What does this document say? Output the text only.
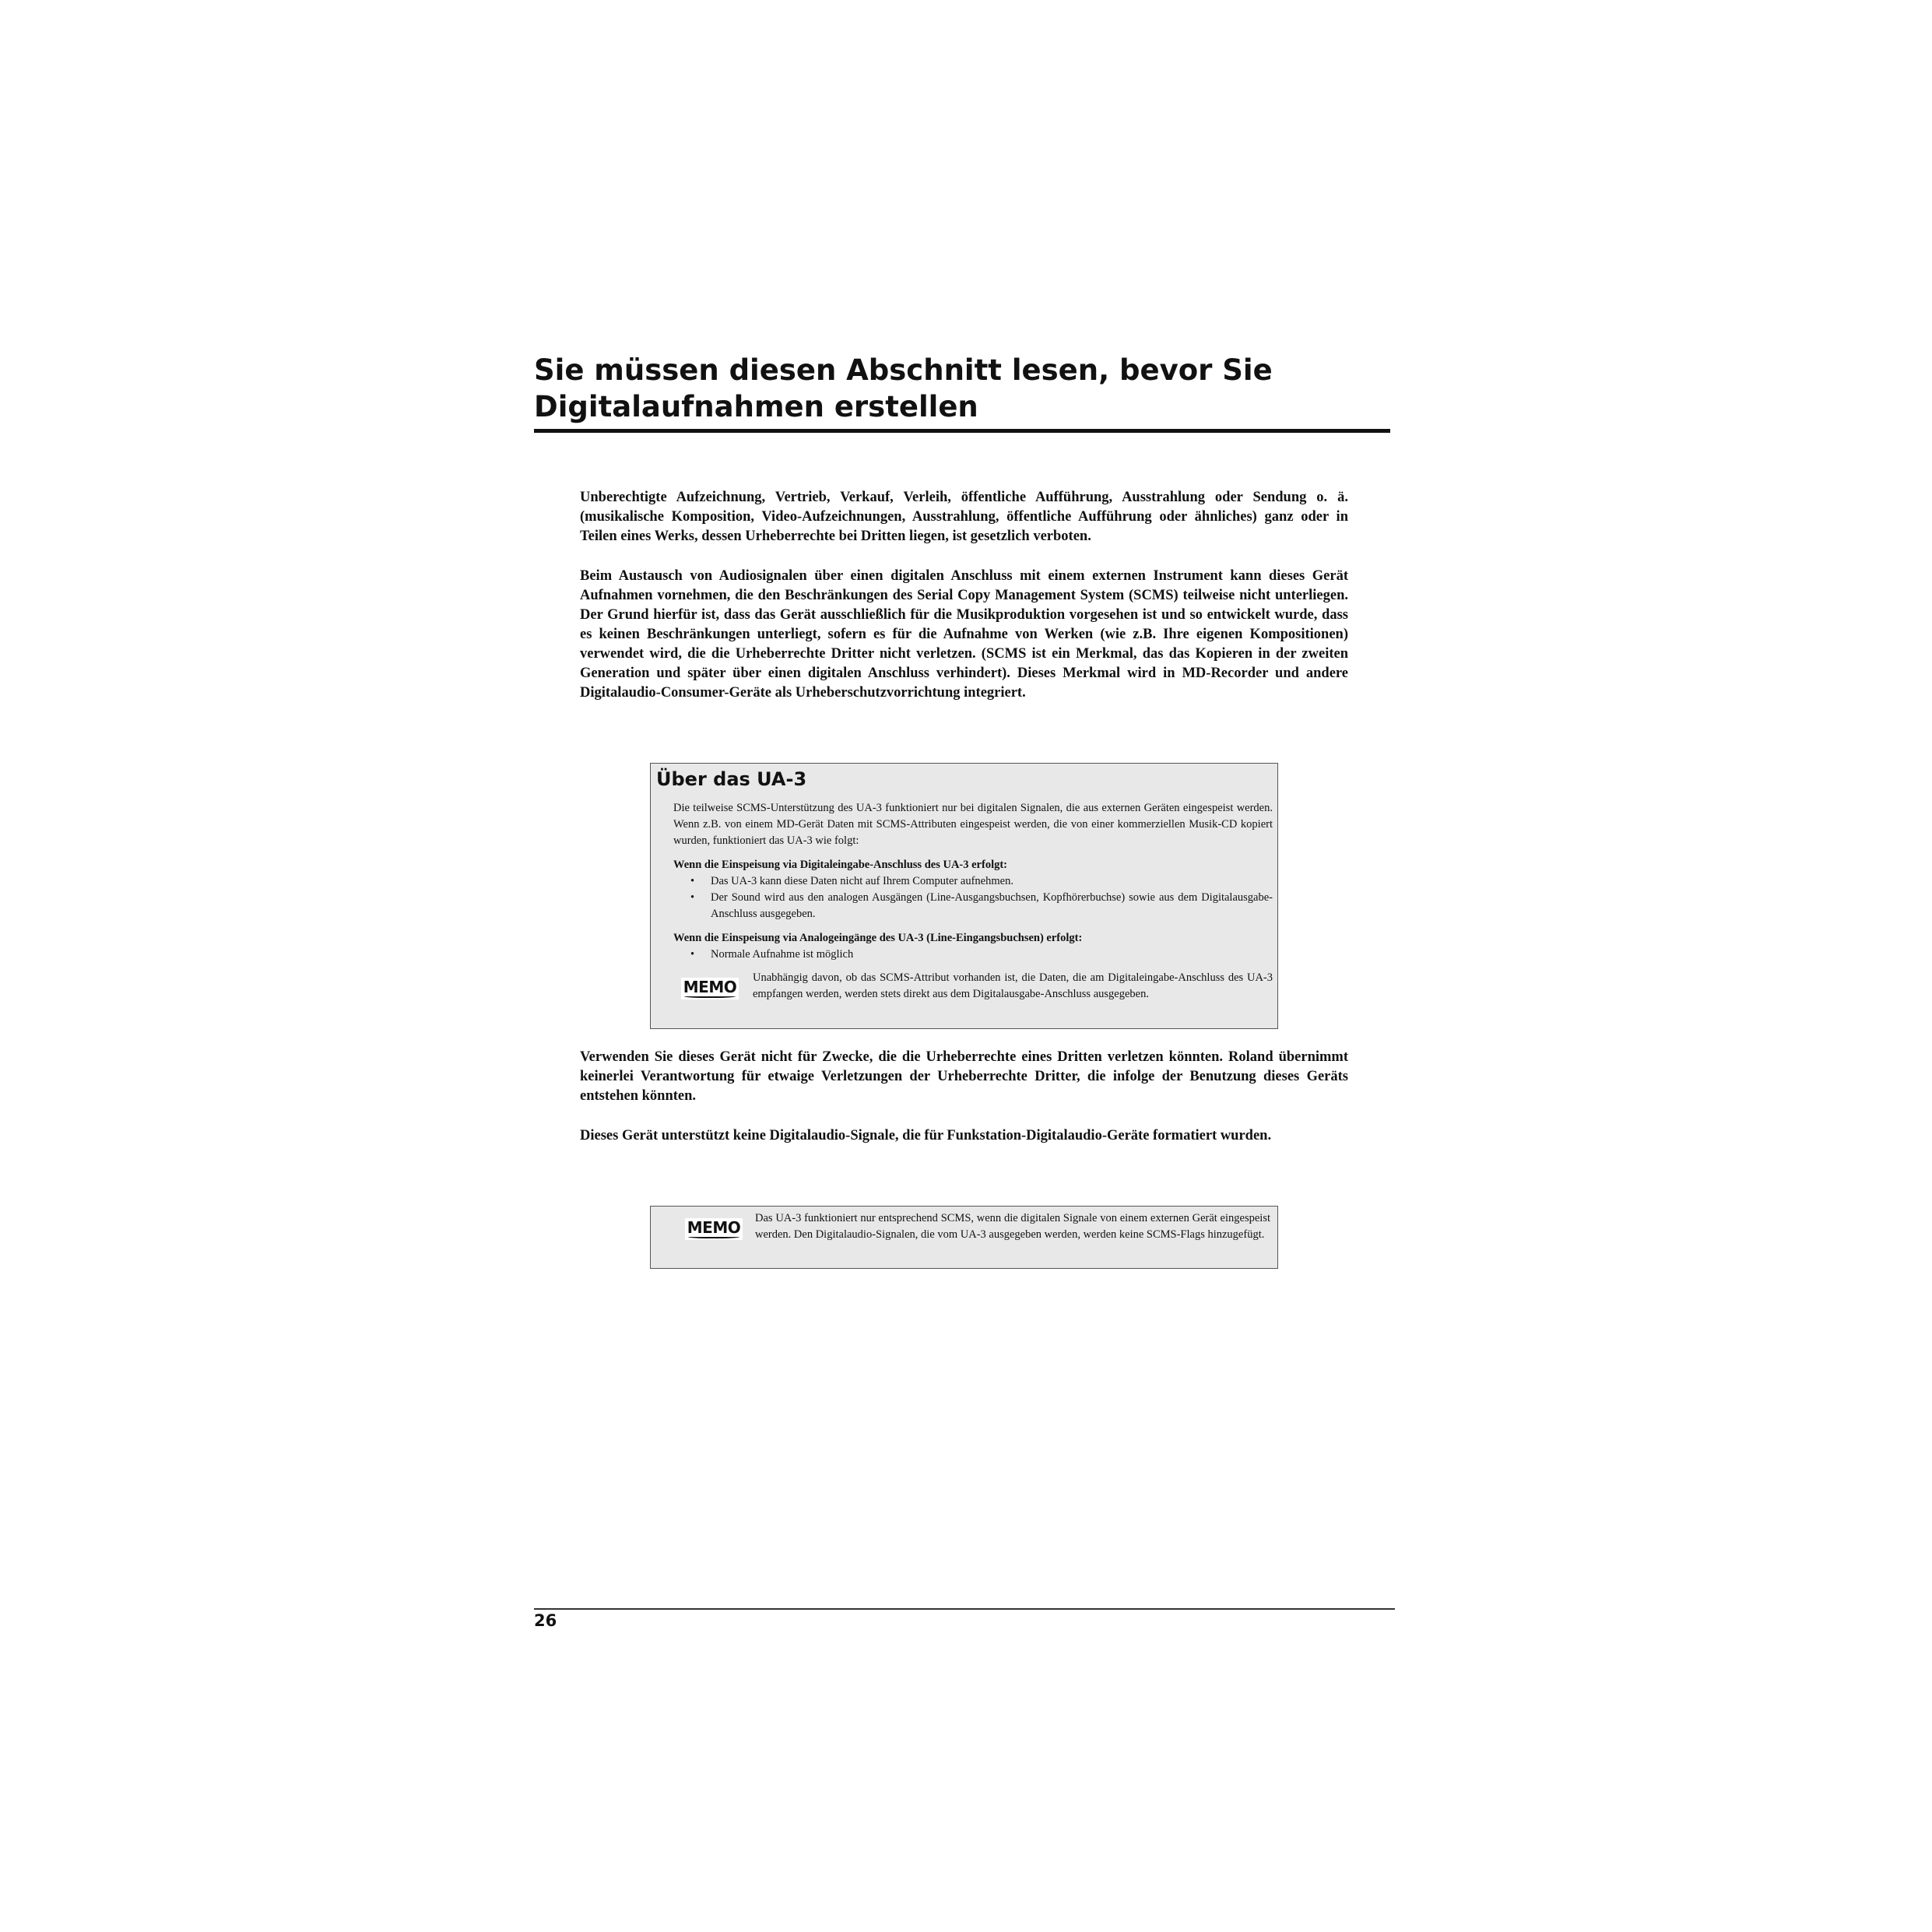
Sie müssen diesen Abschnitt lesen, bevor Sie
Digitalaufnahmen erstellen

Unberechtigte Aufzeichnung, Vertrieb, Verkauf, Verleih, öffentliche Aufführung, Ausstrahlung oder Sendung o. ä. (musikalische Komposition, Video-Aufzeichnungen, Ausstrahlung, öffentliche Aufführung oder ähnliches) ganz oder in Teilen eines Werks, dessen Urheberrechte bei Dritten liegen, ist gesetzlich verboten.

Beim Austausch von Audiosignalen über einen digitalen Anschluss mit einem externen Instrument kann dieses Gerät Aufnahmen vornehmen, die den Beschränkungen des Serial Copy Management System (SCMS) teilweise nicht unterliegen. Der Grund hierfür ist, dass das Gerät ausschließlich für die Musikproduktion vorgesehen ist und so entwickelt wurde, dass es keinen Beschränkungen unterliegt, sofern es für die Aufnahme von Werken (wie z.B. Ihre eigenen Kompositionen) verwendet wird, die die Urheberrechte Dritter nicht verletzen. (SCMS ist ein Merkmal, das das Kopieren in der zweiten Generation und später über einen digitalen Anschluss verhindert). Dieses Merkmal wird in MD-Recorder und andere Digitalaudio-Consumer-Geräte als Urheberschutzvorrichtung integriert.

Über das UA-3

Die teilweise SCMS-Unterstützung des UA-3 funktioniert nur bei digitalen Signalen, die aus externen Geräten eingespeist werden. Wenn z.B. von einem MD-Gerät Daten mit SCMS-Attributen eingespeist werden, die von einer kommerziellen Musik-CD kopiert wurden, funktioniert das UA-3 wie folgt:

Wenn die Einspeisung via Digitaleingabe-Anschluss des UA-3 erfolgt:

• Das UA-3 kann diese Daten nicht auf Ihrem Computer aufnehmen.
• Der Sound wird aus den analogen Ausgängen (Line-Ausgangsbuchsen, Kopfhörerbuchse) sowie aus dem Digitalausgabe-Anschluss ausgegeben.

Wenn die Einspeisung via Analogeingänge des UA-3 (Line-Eingangsbuchsen) erfolgt:

• Normale Aufnahme ist möglich
MEMO Unabhängig davon, ob das SCMS-Attribut vorhanden ist, die Daten, die am Digitaleingabe-Anschluss des UA-3 empfangen werden, werden stets direkt aus dem Digitalausgabe-Anschluss ausgegeben.

Verwenden Sie dieses Gerät nicht für Zwecke, die die Urheberrechte eines Dritten verletzen könnten. Roland übernimmt keinerlei Verantwortung für etwaige Verletzungen der Urheberrechte Dritter, die infolge der Benutzung dieses Geräts entstehen könnten.

Dieses Gerät unterstützt keine Digitalaudio-Signale, die für Funkstation-Digitalaudio-Geräte formatiert wurden.

MEMO Das UA-3 funktioniert nur entsprechend SCMS, wenn die digitalen Signale von einem externen Gerät eingespeist werden. Den Digitalaudio-Signalen, die vom UA-3 ausgegeben werden, werden keine SCMS-Flags hinzugefügt.

26
